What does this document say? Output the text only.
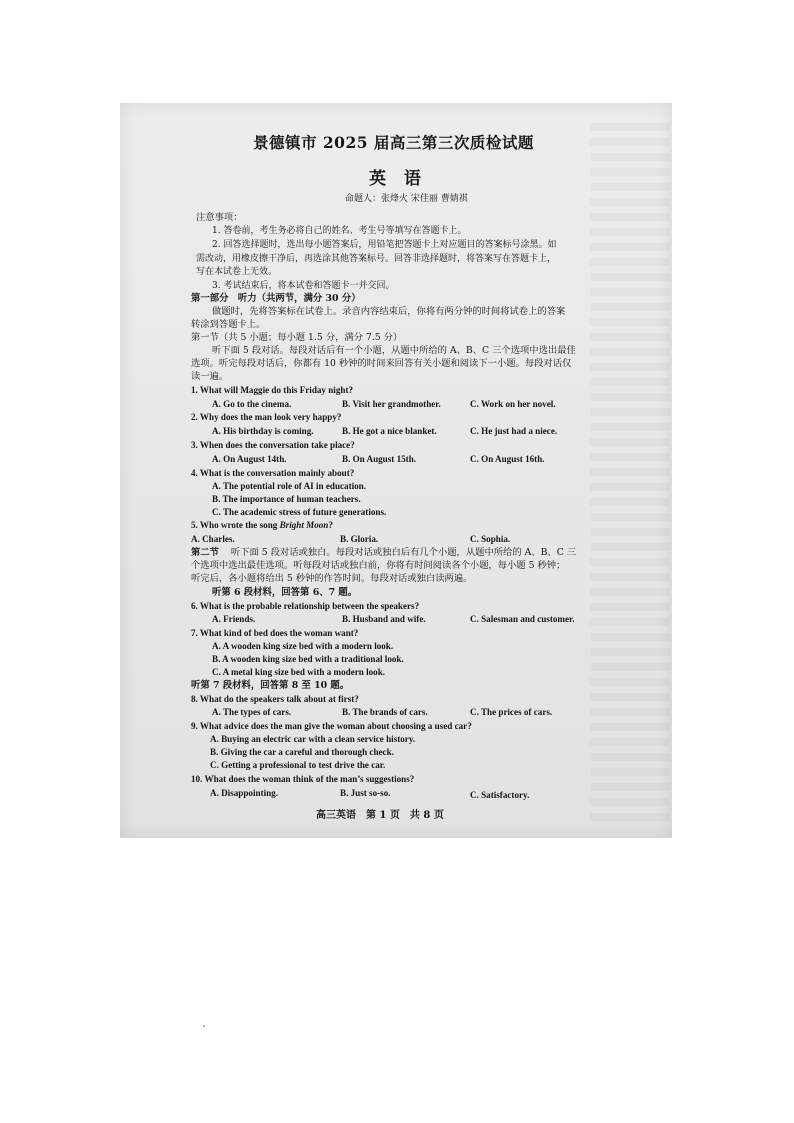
景德镇市 2025 届高三第三次质检试题
英 语
命题人：张烽火 宋佳丽 曹婧祺
注意事项：
1. 答卷前，考生务必将自己的姓名、考生号等填写在答题卡上。
2. 回答选择题时，选出每小题答案后，用铅笔把答题卡上对应题目的答案标号涂黑。如
需改动，用橡皮擦干净后，再选涂其他答案标号。回答非选择题时，将答案写在答题卡上，
写在本试卷上无效。
3. 考试结束后，将本试卷和答题卡一并交回。
第一部分　听力（共两节，满分 30 分）
做题时，先将答案标在试卷上。录音内容结束后，你将有两分钟的时间将试卷上的答案
转涂到答题卡上。
第一节（共 5 小题；每小题 1.5 分，满分 7.5 分）
听下面 5 段对话。每段对话后有一个小题，从题中所给的 A、B、C 三个选项中选出最佳
选项。听完每段对话后，你都有 10 秒钟的时间来回答有关小题和阅读下一小题。每段对话仅
读一遍。
1. What will Maggie do this Friday night?
A. Go to the cinema.	B. Visit her grandmother.	C. Work on her novel.
2. Why does the man look very happy?
A. His birthday is coming.	B. He got a nice blanket.	C. He just had a niece.
3. When does the conversation take place?
A. On August 14th.	B. On August 15th.	C. On August 16th.
4. What is the conversation mainly about?
A. The potential role of AI in education.
B. The importance of human teachers.
C. The academic stress of future generations.
5. Who wrote the song Bright Moon?
A. Charles.	B. Gloria.	C. Sophia.
第二节 听下面 5 段对话或独白。每段对话或独白后有几个小题，从题中所给的 A、B、C 三
个选项中选出最佳选项。听每段对话或独白前，你将有时间阅读各个小题，每小题 5 秒钟；
听完后，各小题将给出 5 秒钟的作答时间。每段对话或独白读两遍。
听第 6 段材料，回答第 6、7 题。
6. What is the probable relationship between the speakers?
A. Friends.	B. Husband and wife.	C. Salesman and customer.
7. What kind of bed does the woman want?
A. A wooden king size bed with a modern look.
B. A wooden king size bed with a traditional look.
C. A metal king size bed with a modern look.
听第 7 段材料，回答第 8 至 10 题。
8. What do the speakers talk about at first?
A. The types of cars.	B. The brands of cars.	C. The prices of cars.
9. What advice does the man give the woman about choosing a used car?
A. Buying an electric car with a clean service history.
B. Giving the car a careful and thorough check.
C. Getting a professional to test drive the car.
10. What does the woman think of the man’s suggestions?
A. Disappointing.	B. Just so-so.	C. Satisfactory.
高三英语　第 1 页　共 8 页
